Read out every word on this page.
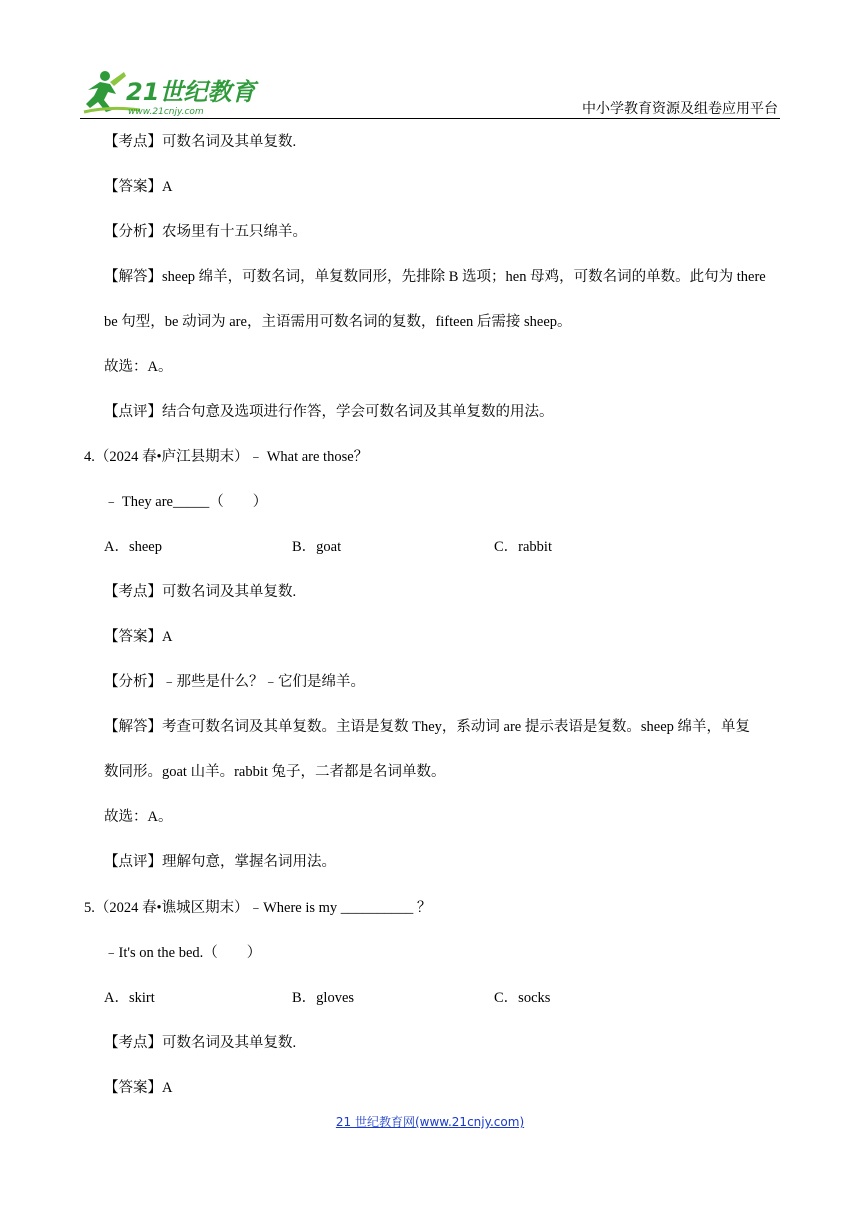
21世纪教育
www.21cnjy.com	中小学教育资源及组卷应用平台
【考点】可数名词及其单复数.
【答案】A
【分析】农场里有十五只绵羊。
【解答】sheep 绵羊，可数名词，单复数同形，先排除 B 选项；hen 母鸡，可数名词的单数。此句为 there
be 句型，be 动词为 are，主语需用可数名词的复数，fifteen 后需接 sheep。
故选：A。
【点评】结合句意及选项进行作答，学会可数名词及其单复数的用法。
4.（2024 春•庐江县期末）﹣ What are those？
﹣ They are_____（　　）
A．sheep	B．goat	C．rabbit
【考点】可数名词及其单复数.
【答案】A
【分析】﹣那些是什么？﹣它们是绵羊。
【解答】考查可数名词及其单复数。主语是复数 They，系动词 are 提示表语是复数。sheep 绵羊，单复
数同形。goat 山羊。rabbit 兔子，二者都是名词单数。
故选：A。
【点评】理解句意，掌握名词用法。
5.（2024 春•谯城区期末）﹣Where is my __________ ？
﹣It's on the bed.（　　）
A．skirt	B．gloves	C．socks
【考点】可数名词及其单复数.
【答案】A
21 世纪教育网(www.21cnjy.com)
